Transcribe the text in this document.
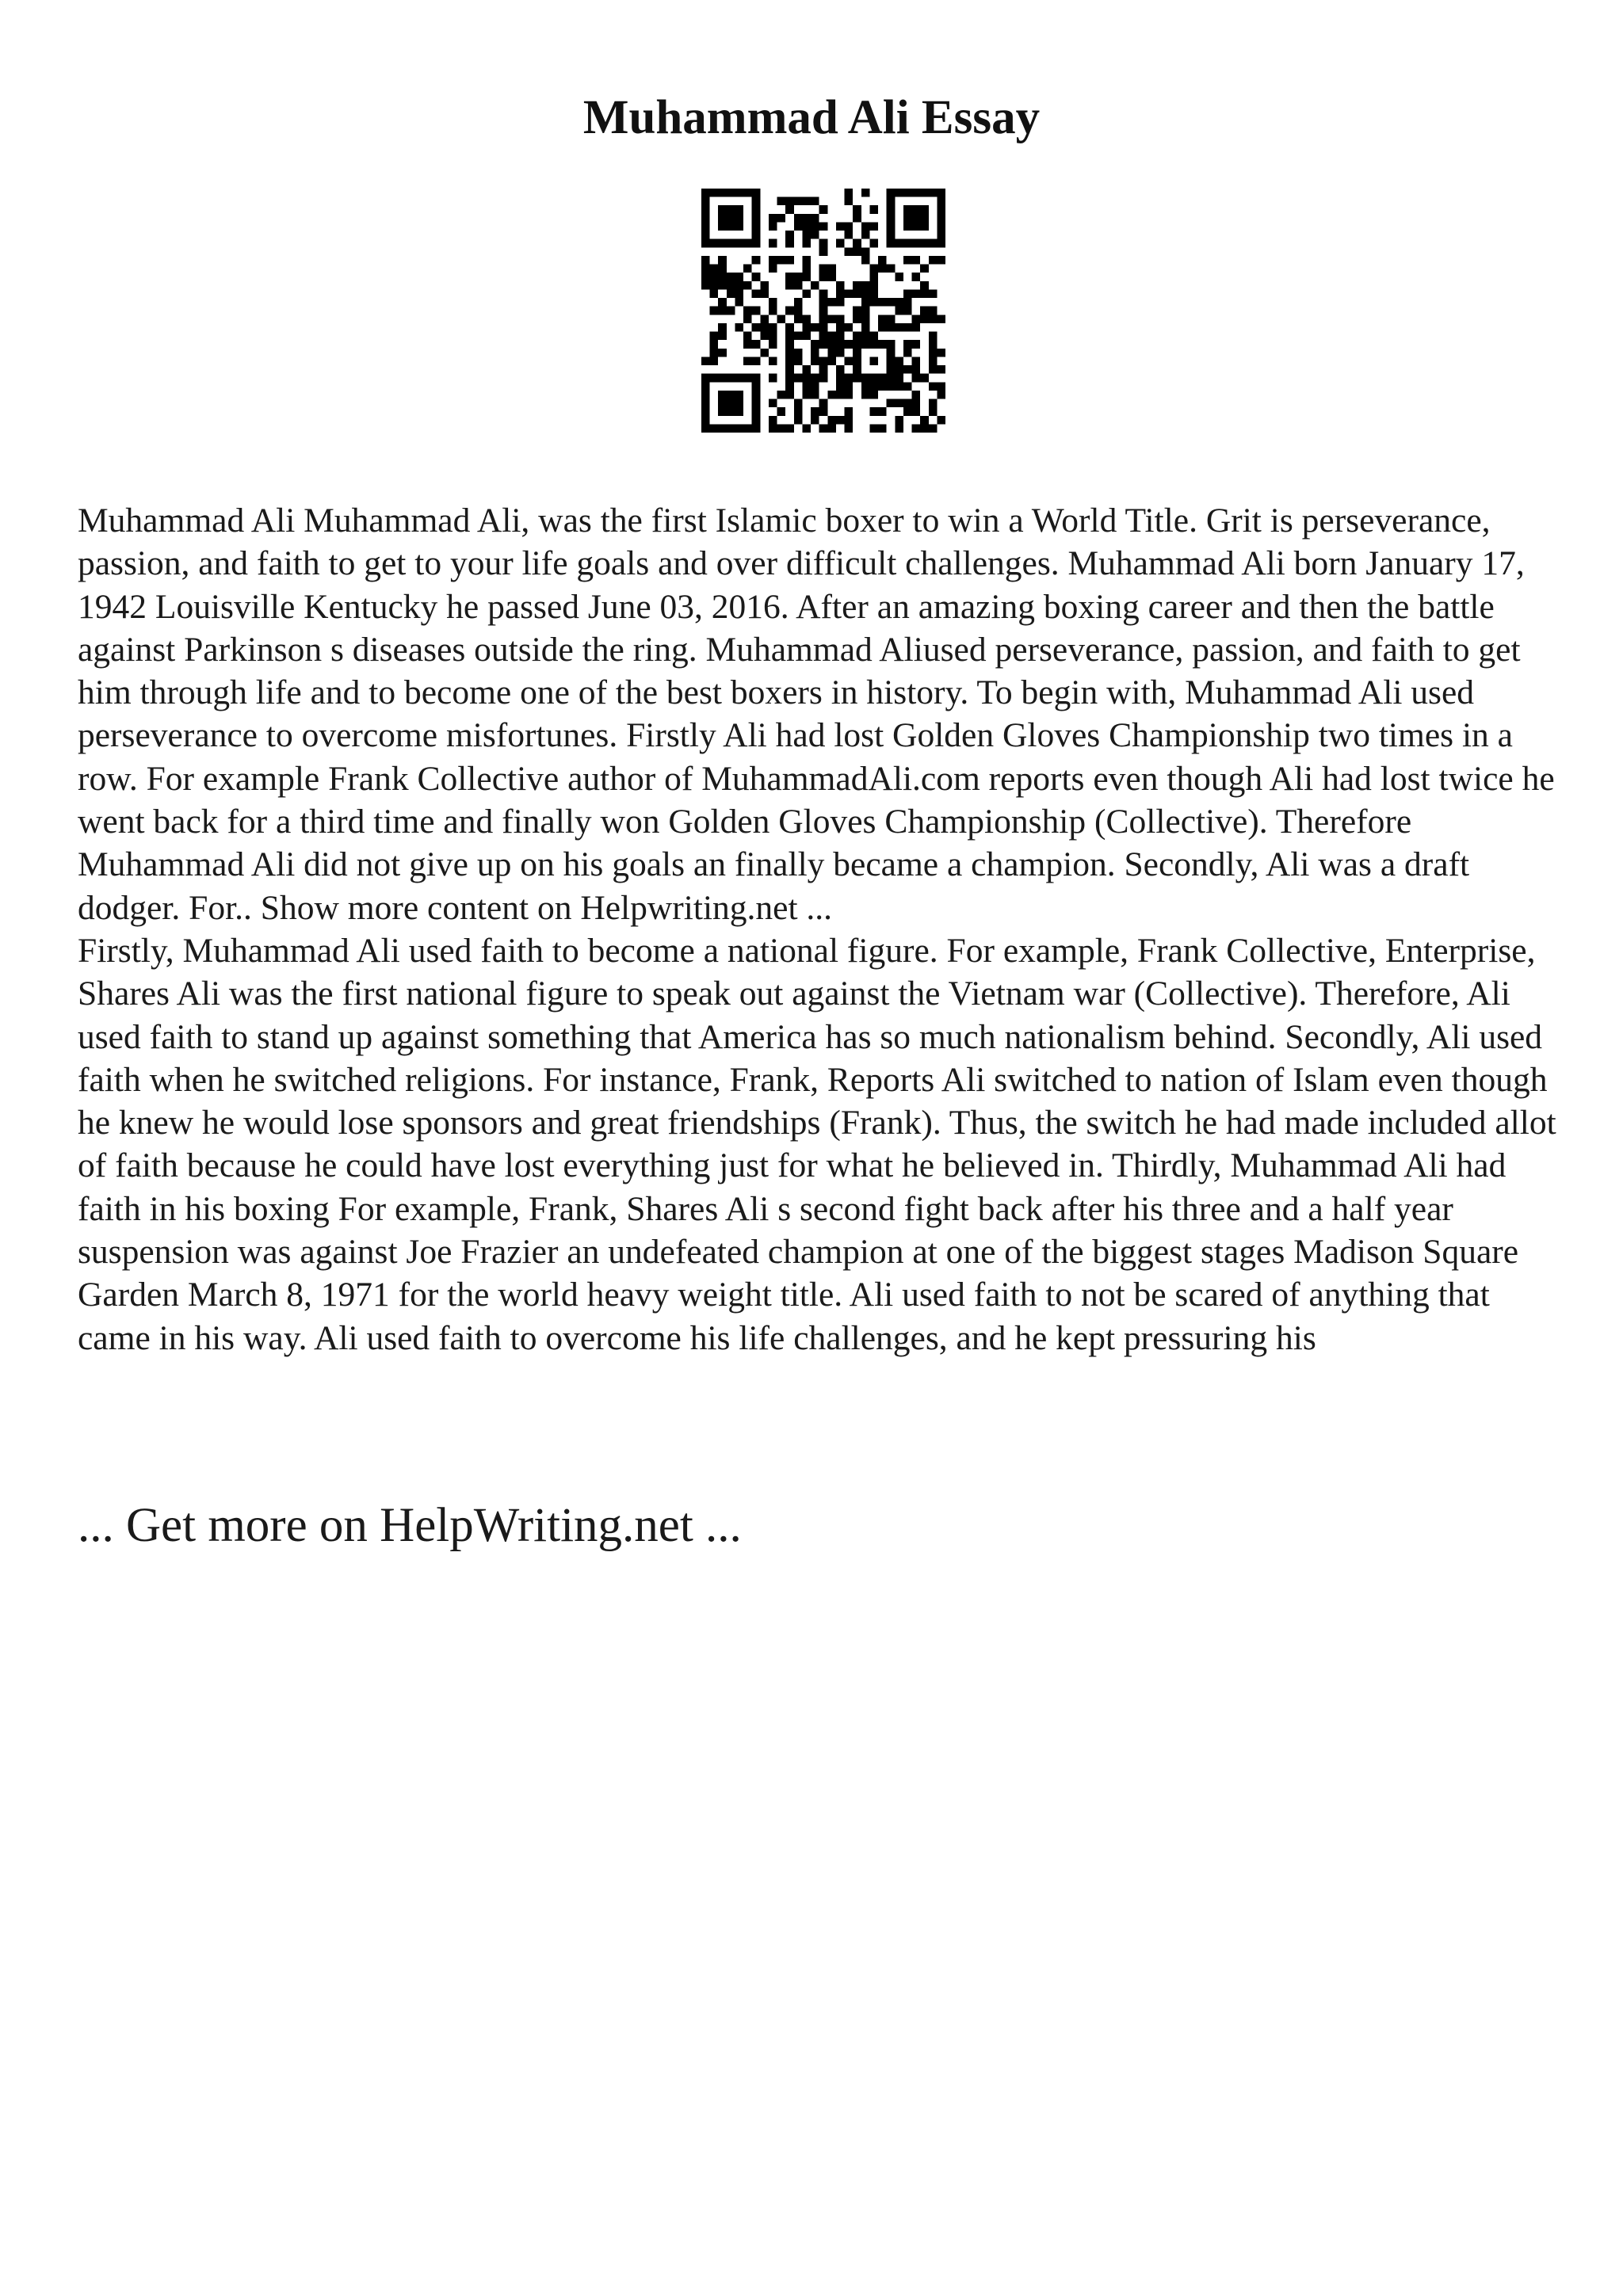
Muhammad Ali Essay

Muhammad Ali Muhammad Ali, was the first Islamic boxer to win a World Title. Grit is perseverance, passion, and faith to get to your life goals and over difficult challenges. Muhammad Ali born January 17, 1942 Louisville Kentucky he passed June 03, 2016. After an amazing boxing career and then the battle against Parkinson s diseases outside the ring. Muhammad Aliused perseverance, passion, and faith to get him through life and to become one of the best boxers in history. To begin with, Muhammad Ali used perseverance to overcome misfortunes. Firstly Ali had lost Golden Gloves Championship two times in a row. For example Frank Collective author of MuhammadAli.com reports even though Ali had lost twice he went back for a third time and finally won Golden Gloves Championship (Collective). Therefore Muhammad Ali did not give up on his goals an finally became a champion. Secondly, Ali was a draft dodger. For.. Show more content on Helpwriting.net ...

Firstly, Muhammad Ali used faith to become a national figure. For example, Frank Collective, Enterprise, Shares Ali was the first national figure to speak out against the Vietnam war (Collective). Therefore, Ali used faith to stand up against something that America has so much nationalism behind. Secondly, Ali used faith when he switched religions. For instance, Frank, Reports Ali switched to nation of Islam even though he knew he would lose sponsors and great friendships (Frank). Thus, the switch he had made included allot of faith because he could have lost everything just for what he believed in. Thirdly, Muhammad Ali had faith in his boxing For example, Frank, Shares Ali s second fight back after his three and a half year suspension was against Joe Frazier an undefeated champion at one of the biggest stages Madison Square Garden March 8, 1971 for the world heavy weight title. Ali used faith to not be scared of anything that came in his way. Ali used faith to overcome his life challenges, and he kept pressuring his

... Get more on HelpWriting.net ...
